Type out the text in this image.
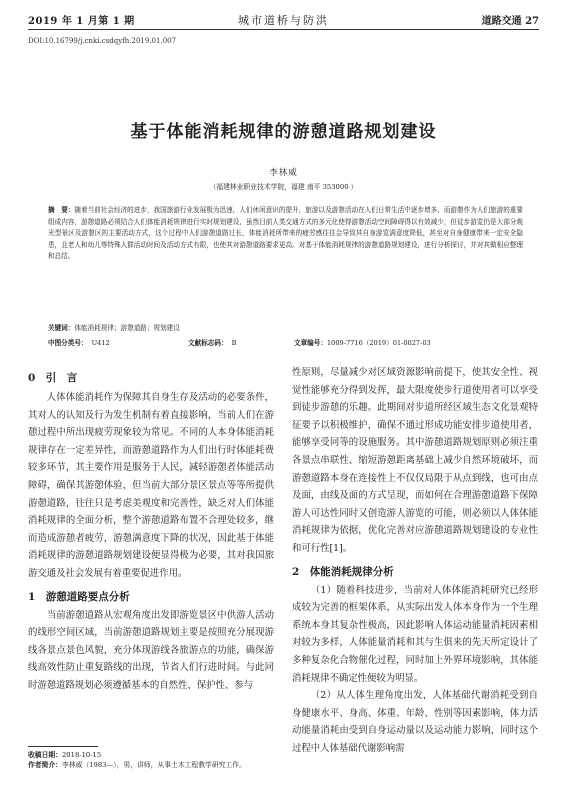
2019 年 1 月第 1 期	城市道桥与防洪	道路交通 27
DOI:10.16799/j.cnki.csdqyfh.2019.01.007
基于体能消耗规律的游憩道路规划建设
李林威
（福建林业职业技术学院，福建 南平 353000 ）
摘　要：随着当前社会经济的进步，我国旅游行业发展极为迅速，人们休闲意识的提升，旅游以及游憩活动在人们日常生活中逐步增多，而游憩作为人们旅游的重要组成内容，游憩道路必须结合人们体能消耗规律进行实时规划建设，虽然目前人类交通方式的多元化使得游憩活动空间障碍得以有效减少，但徒步游览仍是大部分观光型景区及游憩区的主要活动方式，这个过程中人们游憩道路过长，体能消耗所带来的疲劳感往往会导致其自身游览满意度降低，甚至对自身健康带来一定安全隐患，且老人和幼儿等特殊人群活动时间及活动方式有限，也使其对游憩道路要求更高。对基于体能消耗规律的游憩道路规划建设，进行分析探讨，并对其做相应整理和总结。
关键词：体能消耗规律；游憩道路；规划建设
中图分类号： U412	文献标志码： B	文章编号：1009-7716（2019）01-0027-03
0　引　言
人体体能消耗作为保障其自身生存及活动的必要条件，其对人的认知及行为发生机制有着直接影响，当前人们在游憩过程中所出现疲劳现象较为常见。不同的人本身体能消耗规律存在一定差异性，而游憩道路作为人们出行时体能耗费较多环节，其主要作用是服务于人民，减轻游憩者体能活动障碍，确保其游憩体验，但当前大部分景区景点等等所提供游憩道路，往往只是考虑美观度和完善性，缺乏对人们体能消耗规律的全面分析，整个游憩道路布置不合理处较多，继而造成游憩者疲劳，游憩满意度下降的状况，因此基于体能消耗规律的游憩道路规划建设便显得极为必要，其对我国旅游交通及社会发展有着重要促进作用。
1　游憩道路要点分析
当前游憩道路从宏观角度出发即游览景区中供游人活动的线形空间区域，当前游憩道路规划主要是按照充分展现游线各景点景色风貌，充分体现游线各旅游点的功能，确保游线高效性防止重复路线的出现，节省人们行进时间。与此同时游憩道路规划必须遵循基本的自然性、保护性、参与
性原则，尽量减少对区域资源影响前提下，使其安全性、视觉性能够充分得到发挥，最大限度使步行道使用者可以享受到徒步游憩的乐趣。此期间对步道所经区域生态文化景观特征要予以积极维护，确保不通过形成功能安排步道使用者，能够享受同等的设施服务。其中游憩道路规划原则必须注重各景点串联性、缩短游憩距离基础上减少自然环境破坏，而游憩道路本身在连接性上不仅仅局限于从点到线，也可由点及面，由线及面的方式呈现，而如何在合理游憩道路下保障游人可达性同时又创造游人游览的可能，则必须以人体体能消耗规律为依据，优化完善对应游憩道路规划建设的专业性和可行性[1]。
2　体能消耗规律分析
（1）随着科技进步，当前对人体体能消耗研究已经形成较为完善的框架体系，从实际出发人体本身作为一个生理系统本身其复杂性极高，因此影响人体运动能量消耗因素相对较为多样，人体能量消耗和其与生俱来的先天所定设计了多种复杂化合物催化过程，同时加上外界环境影响，其体能消耗规律不确定性便较为明显。
（2）从人体生理角度出发，人体基础代谢消耗受到自身健康水平、身高、体重、年龄、性别等因素影响，体力活动能量消耗由受到自身运动量以及运动能力影响，同时这个过程中人体基础代谢影响需
收稿日期：2018-10-15
作者简介：李林威（1983—），男，讲师，从事土木工程教学研究工作。
